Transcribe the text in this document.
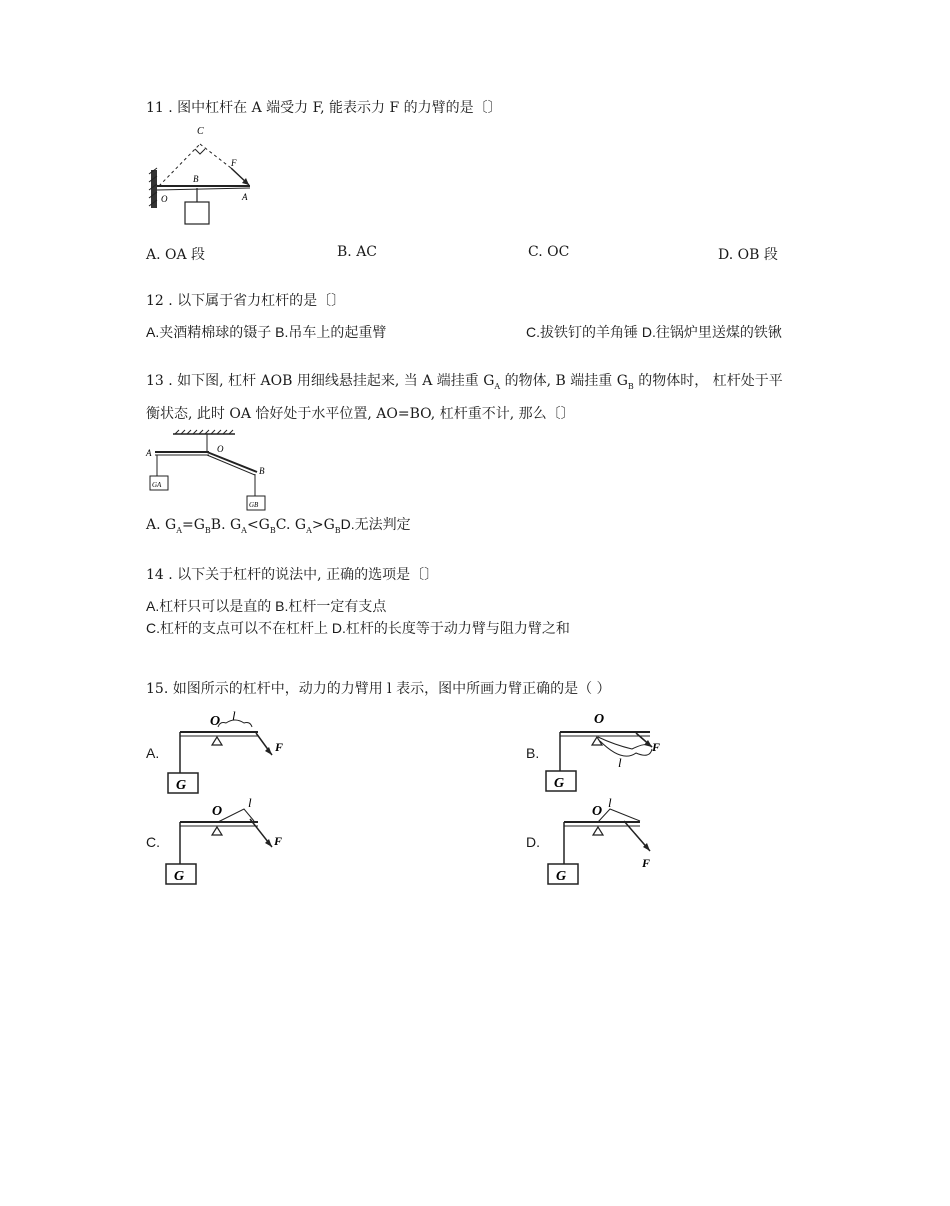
11 . 图中杠杆在 A 端受力 F, 能表示力 F 的力臂的是〔〕
C
F
B
O	A
A. OA 段	B. AC	C. OC	D. OB 段
12 . 以下属于省力杠杆的是〔〕
A.夹酒精棉球的镊子 B.吊车上的起重臂	C.拔铁钉的羊角锤 D.往锅炉里送煤的铁锹
13 . 如下图, 杠杆 AOB 用细线悬挂起来, 当 A 端挂重 $G_A$ 的物体, B 端挂重 $G_B$ 的物体时， 杠杆处于平
衡状态, 此时 OA 恰好处于水平位置, AO=BO, 杠杆重不计, 那么〔〕
A	O
B
GA
GB
A. $G_A=G_BB$. $G_A<G_BC$. $G_A>G_BD$.无法判定
14 . 以下关于杠杆的说法中, 正确的选项是〔〕
A.杠杆只可以是直的 B.杠杆一定有支点
C.杠杆的支点可以不在杠杆上 D.杠杆的长度等于动力臂与阻力臂之和
15. 如图所示的杠杆中，动力的力臂用 l 表示，图中所画力臂正确的是（ ）
A.	B.
C.	D.
O l
F
G
O
l
F
G
O
l
F
G
O
l
F
G
